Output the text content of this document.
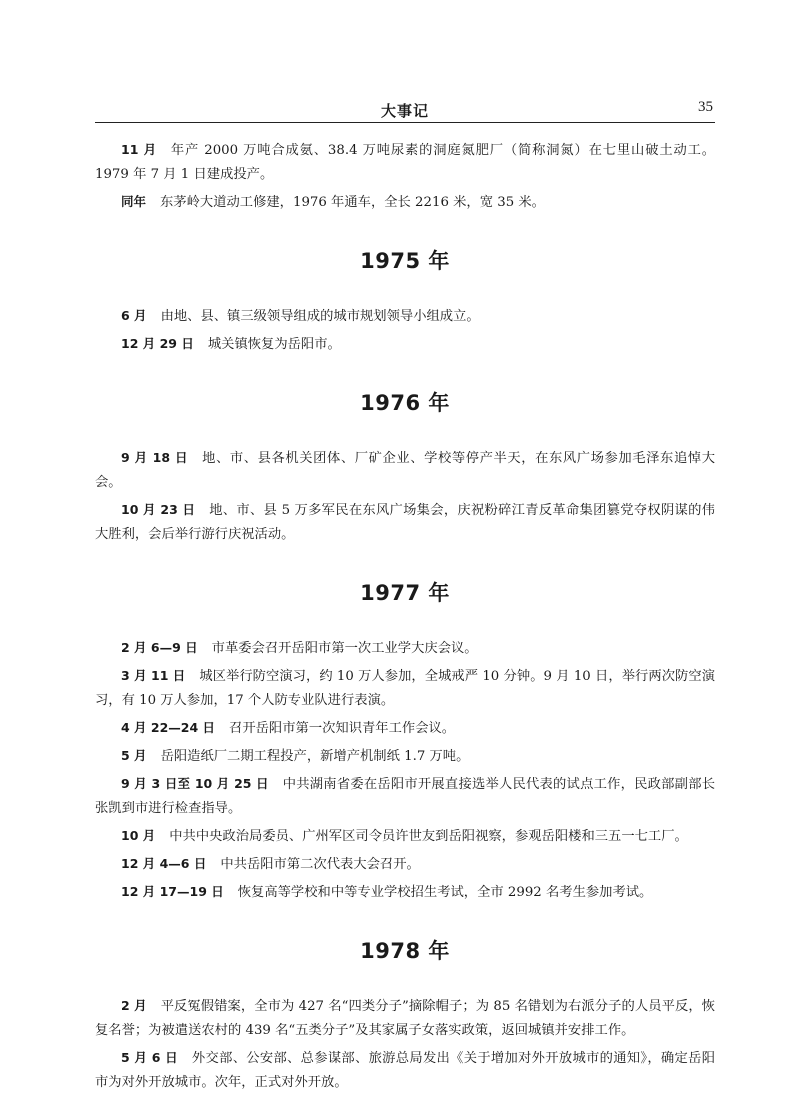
大事记	35

11 月 年产 2000 万吨合成氨、38.4 万吨尿素的洞庭氮肥厂（简称洞氮）在七里山破土动工。1979 年 7 月 1 日建成投产。

同年 东茅岭大道动工修建，1976 年通车，全长 2216 米，宽 35 米。

1975 年

6 月 由地、县、镇三级领导组成的城市规划领导小组成立。

12 月 29 日 城关镇恢复为岳阳市。

1976 年

9 月 18 日 地、市、县各机关团体、厂矿企业、学校等停产半天，在东风广场参加毛泽东追悼大会。

10 月 23 日 地、市、县 5 万多军民在东风广场集会，庆祝粉碎江青反革命集团篡党夺权阴谋的伟大胜利，会后举行游行庆祝活动。

1977 年

2 月 6—9 日 市革委会召开岳阳市第一次工业学大庆会议。

3 月 11 日 城区举行防空演习，约 10 万人参加，全城戒严 10 分钟。9 月 10 日，举行两次防空演习，有 10 万人参加，17 个人防专业队进行表演。

4 月 22—24 日 召开岳阳市第一次知识青年工作会议。

5 月 岳阳造纸厂二期工程投产，新增产机制纸 1.7 万吨。

9 月 3 日至 10 月 25 日 中共湖南省委在岳阳市开展直接选举人民代表的试点工作，民政部副部长张凯到市进行检查指导。

10 月 中共中央政治局委员、广州军区司令员许世友到岳阳视察，参观岳阳楼和三五一七工厂。

12 月 4—6 日 中共岳阳市第二次代表大会召开。

12 月 17—19 日 恢复高等学校和中等专业学校招生考试，全市 2992 名考生参加考试。

1978 年

2 月 平反冤假错案，全市为 427 名“四类分子”摘除帽子；为 85 名错划为右派分子的人员平反，恢复名誉；为被遣送农村的 439 名“五类分子”及其家属子女落实政策，返回城镇并安排工作。

5 月 6 日 外交部、公安部、总参谋部、旅游总局发出《关于增加对外开放城市的通知》，确定岳阳市为对外开放城市。次年，正式对外开放。
